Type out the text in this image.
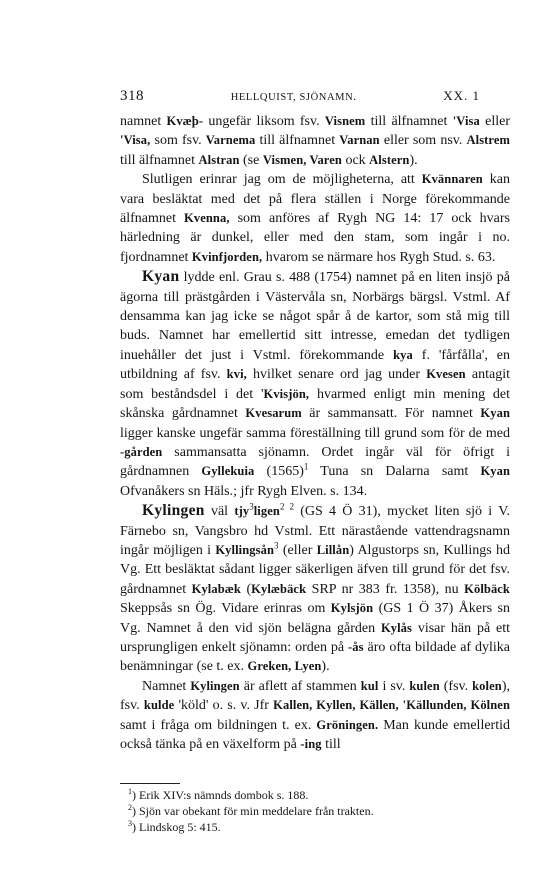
318	HELLQUIST, SJÖNAMN.	XX. 1

namnet Kvæþ- ungefär liksom fsv. Visnem till älfnamnet 'Visa eller 'Visa, som fsv. Varnema till älfnamnet Varnan eller som nsv. Alstrem till älfnamnet Alstran (se Vismen, Varen ock Alstern).

Slutligen erinrar jag om de möjligheterna, att Kvännaren kan vara besläktat med det på flera ställen i Norge förekommande älfnamnet Kvenna, som anföres af Rygh NG 14: 17 ock hvars härledning är dunkel, eller med den stam, som ingår i no. fjordnamnet Kvinfjorden, hvarom se närmare hos Rygh Stud. s. 63.

Kyan lydde enl. Grau s. 488 (1754) namnet på en liten insjö på ägorna till prästgården i Västervåla sn, Norbärgs bärgsl. Vstml. Af densamma kan jag icke se något spår å de kartor, som stå mig till buds. Namnet har emellertid sitt intresse, emedan det tydligen inuehåller det just i Vstml. förekommande kya f. 'fårfålla', en utbildning af fsv. kvi, hvilket senare ord jag under Kvesen antagit som beståndsdel i det 'Kvisjön, hvarmed enligt min mening det skånska gårdnamnet Kvesarum är sammansatt. För namnet Kyan ligger kanske ungefär samma föreställning till grund som för de med -gården sammansatta sjönamn. Ordet ingår väl för öfrigt i gårdnamnen Gyllekuia $(1565)^1$ Tuna sn Dalarna samt Kyan Ofvanåkers sn Häls.; jfr Rygh Elven. s. 134.

Kylingen väl tjy$^3$ligen$^{2 2}$ (GS 4 Ö 31), mycket liten sjö i V. Färnebo sn, Vangsbro hd Vstml. Ett närastående vattendragsnamn ingår möjligen i Kyllingsån$^3$ (eller Lillån) Algustorps sn, Kullings hd Vg. Ett besläktat sådant ligger säkerligen äfven till grund för det fsv. gårdnamnet Kylabæk (Kylæbäck SRP nr 383 fr. 1358), nu Kölbäck Skeppsås sn Ög. Vidare erinras om Kylsjön (GS 1 Ö 37) Åkers sn Vg. Namnet å den vid sjön belägna gården Kylås visar hän på ett ursprungligen enkelt sjönamn: orden på -ås äro ofta bildade af dylika benämningar (se t. ex. Greken, Lyen).

Namnet Kylingen är aflett af stammen kul i sv. kulen (fsv. kolen), fsv. kulde 'köld' o. s. v. Jfr Kallen, Kyllen, Källen, 'Källunden, Kölnen samt i fråga om bildningen t. ex. Gröningen. Man kunde emellertid också tänka på en växelform på -ing till

$^1$) Erik XIV:s nämnds dombok s. 188.
$^2$) Sjön var obekant för min meddelare från trakten.
$^3$) Lindskog 5: 415.
